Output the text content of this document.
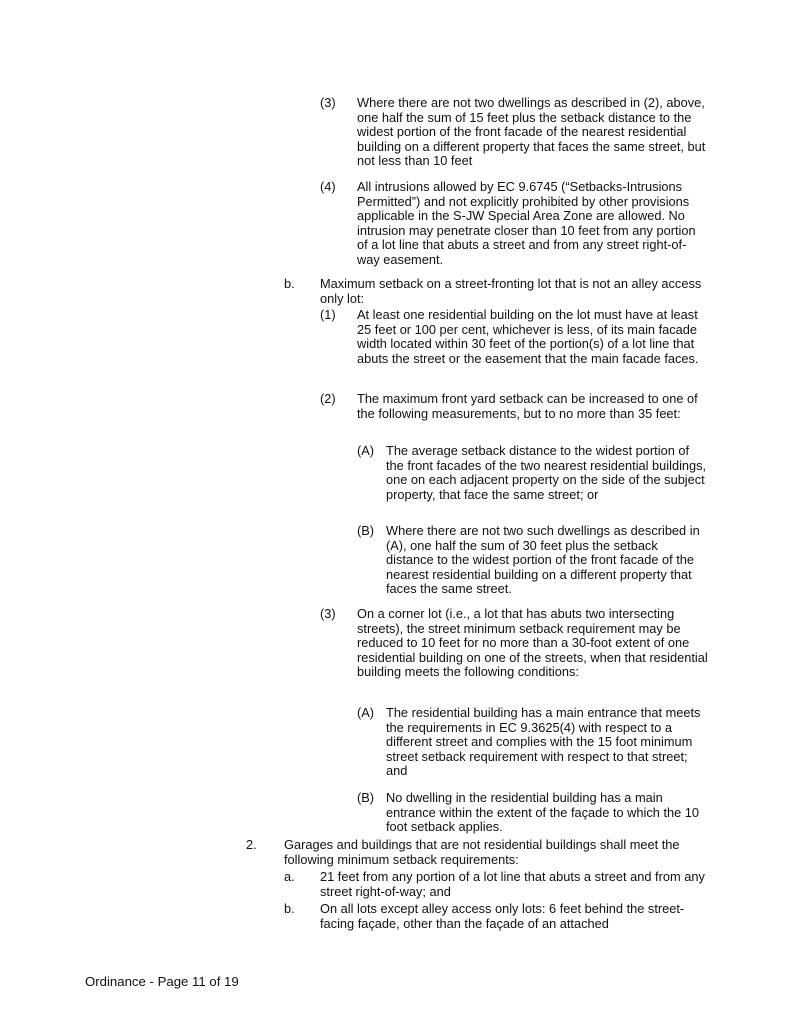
(3) Where there are not two dwellings as described in (2), above, one half the sum of 15 feet plus the setback distance to the widest portion of the front facade of the nearest residential building on a different property that faces the same street, but not less than 10 feet
(4) All intrusions allowed by EC 9.6745 (“Setbacks-Intrusions Permitted”) and not explicitly prohibited by other provisions applicable in the S-JW Special Area Zone are allowed. No intrusion may penetrate closer than 10 feet from any portion of a lot line that abuts a street and from any street right-of-way easement.
b. Maximum setback on a street-fronting lot that is not an alley access only lot:
(1) At least one residential building on the lot must have at least 25 feet or 100 per cent, whichever is less, of its main facade width located within 30 feet of the portion(s) of a lot line that abuts the street or the easement that the main facade faces.
(2) The maximum front yard setback can be increased to one of the following measurements, but to no more than 35 feet:
(A) The average setback distance to the widest portion of the front facades of the two nearest residential buildings, one on each adjacent property on the side of the subject property, that face the same street; or
(B) Where there are not two such dwellings as described in (A), one half the sum of 30 feet plus the setback distance to the widest portion of the front facade of the nearest residential building on a different property that faces the same street.
(3) On a corner lot (i.e., a lot that has abuts two intersecting streets), the street minimum setback requirement may be reduced to 10 feet for no more than a 30-foot extent of one residential building on one of the streets, when that residential building meets the following conditions:
(A) The residential building has a main entrance that meets the requirements in EC 9.3625(4) with respect to a different street and complies with the 15 foot minimum street setback requirement with respect to that street; and
(B) No dwelling in the residential building has a main entrance within the extent of the façade to which the 10 foot setback applies.
2. Garages and buildings that are not residential buildings shall meet the following minimum setback requirements:
a. 21 feet from any portion of a lot line that abuts a street and from any street right-of-way; and
b. On all lots except alley access only lots: 6 feet behind the street-facing façade, other than the façade of an attached
Ordinance - Page 11 of 19
